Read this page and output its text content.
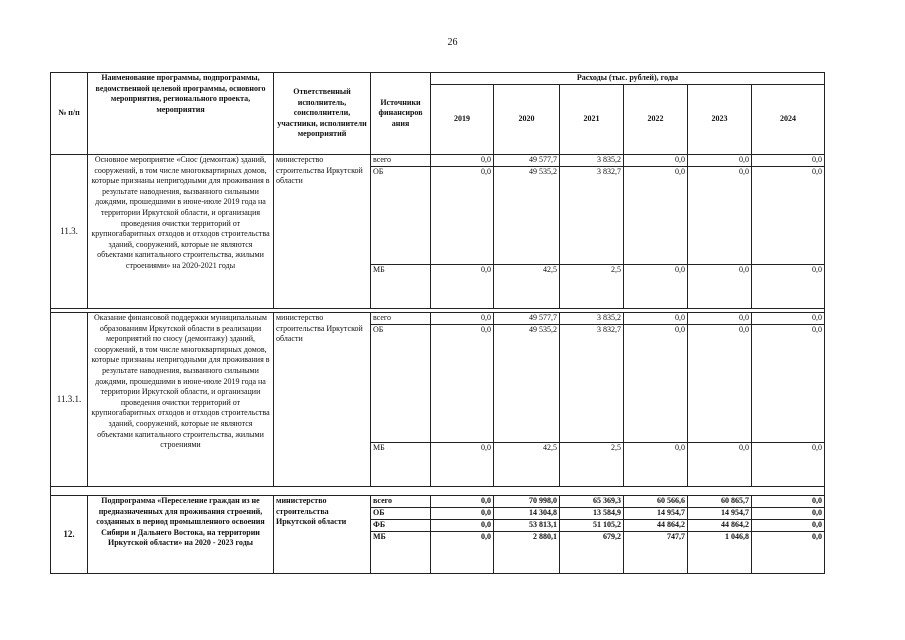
26
№ п/п	Наименование программы, подпрограммы, ведомственной целевой программы, основного мероприятия, регионального проекта, мероприятия	Ответственный исполнитель, соисполнители, участники, исполнители мероприятий	Источники финансиров ания	Расходы (тыс. рублей), годы					
				2019	2020	2021	2022	2023	2024
11.3.	Основное мероприятие «Снос (демонтаж) зданий, сооружений, в том числе многоквартирных домов, которые признаны непригодными для проживания в результате наводнения, вызванного сильными дождями, прошедшими в июне-июле 2019 года на территории Иркутской области, и организация проведения очистки территорий от крупногабаритных отходов и отходов строительства зданий, сооружений, которые не являются объектами капитального строительства, жилыми строениями» на 2020-2021 годы	министерство строительства Иркутской области	всего	0,0	49 577,7	3 835,2	0,0	0,0	0,0
			ОБ	0,0	49 535,2	3 832,7	0,0	0,0	0,0
			МБ	0,0	42,5	2,5	0,0	0,0	0,0

11.3.1.	Оказание финансовой поддержки муниципальным образованиям Иркутской области в реализации мероприятий по сносу (демонтажу) зданий, сооружений, в том числе многоквартирных домов, которые признаны непригодными для проживания в результате наводнения, вызванного сильными дождями, прошедшими в июне-июле 2019 года на территории Иркутской области, и организации проведения очистки территорий от крупногабаритных отходов и отходов строительства зданий, сооружений, которые не являются объектами капитального строительства, жилыми строениями	министерство строительства Иркутской области	всего	0,0	49 577,7	3 835,2	0,0	0,0	0,0
			ОБ	0,0	49 535,2	3 832,7	0,0	0,0	0,0
			МБ	0,0	42,5	2,5	0,0	0,0	0,0

12.	Подпрограмма «Переселение граждан из не предназначенных для проживания строений, созданных в период промышленного освоения Сибири и Дальнего Востока, на территории Иркутской области» на 2020 - 2023 годы	министерство строительства Иркутской области	всего	0,0	70 998,0	65 369,3	60 566,6	60 865,7	0,0
			ОБ	0,0	14 304,8	13 584,9	14 954,7	14 954,7	0,0
			ФБ	0,0	53 813,1	51 105,2	44 864,2	44 864,2	0,0
			МБ	0,0	2 880,1	679,2	747,7	1 046,8	0,0
